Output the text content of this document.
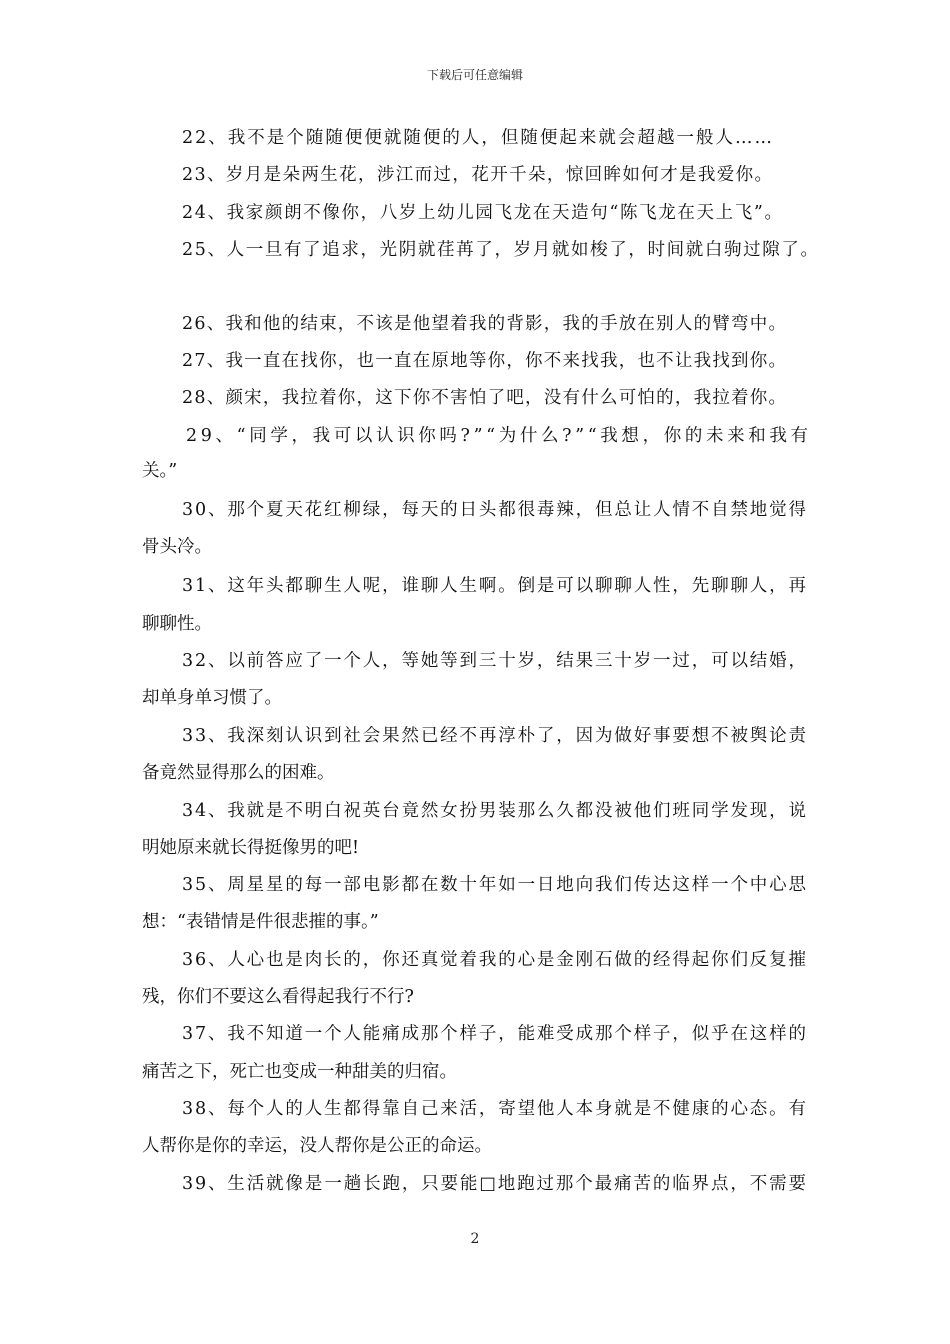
下载后可任意编辑
22、我不是个随随便便就随便的人，但随便起来就会超越一般人……
23、岁月是朵两生花，涉江而过，花开千朵，惊回眸如何才是我爱你。
24、我家颜朗不像你，八岁上幼儿园飞龙在天造句“陈飞龙在天上飞”。
25、人一旦有了追求，光阴就荏苒了，岁月就如梭了，时间就白驹过隙了。
26、我和他的结束，不该是他望着我的背影，我的手放在别人的臂弯中。
27、我一直在找你，也一直在原地等你，你不来找我，也不让我找到你。
28、颜宋，我拉着你，这下你不害怕了吧，没有什么可怕的，我拉着你。
29、“同学，我可以认识你吗?”“为什么?”“我想，你的未来和我有
关。”
30、那个夏天花红柳绿，每天的日头都很毒辣，但总让人情不自禁地觉得
骨头冷。
31、这年头都聊生人呢，谁聊人生啊。倒是可以聊聊人性，先聊聊人，再
聊聊性。
32、以前答应了一个人，等她等到三十岁，结果三十岁一过，可以结婚，
却单身单习惯了。
33、我深刻认识到社会果然已经不再淳朴了，因为做好事要想不被舆论责
备竟然显得那么的困难。
34、我就是不明白祝英台竟然女扮男装那么久都没被他们班同学发现，说
明她原来就长得挺像男的吧!
35、周星星的每一部电影都在数十年如一日地向我们传达这样一个中心思
想：“表错情是件很悲摧的事。”
36、人心也是肉长的，你还真觉着我的心是金刚石做的经得起你们反复摧
残，你们不要这么看得起我行不行?
37、我不知道一个人能痛成那个样子，能难受成那个样子，似乎在这样的
痛苦之下，死亡也变成一种甜美的归宿。
38、每个人的人生都得靠自己来活，寄望他人本身就是不健康的心态。有
人帮你是你的幸运，没人帮你是公正的命运。
39、生活就像是一趟长跑，只要能□地跑过那个最痛苦的临界点，不需要
2
